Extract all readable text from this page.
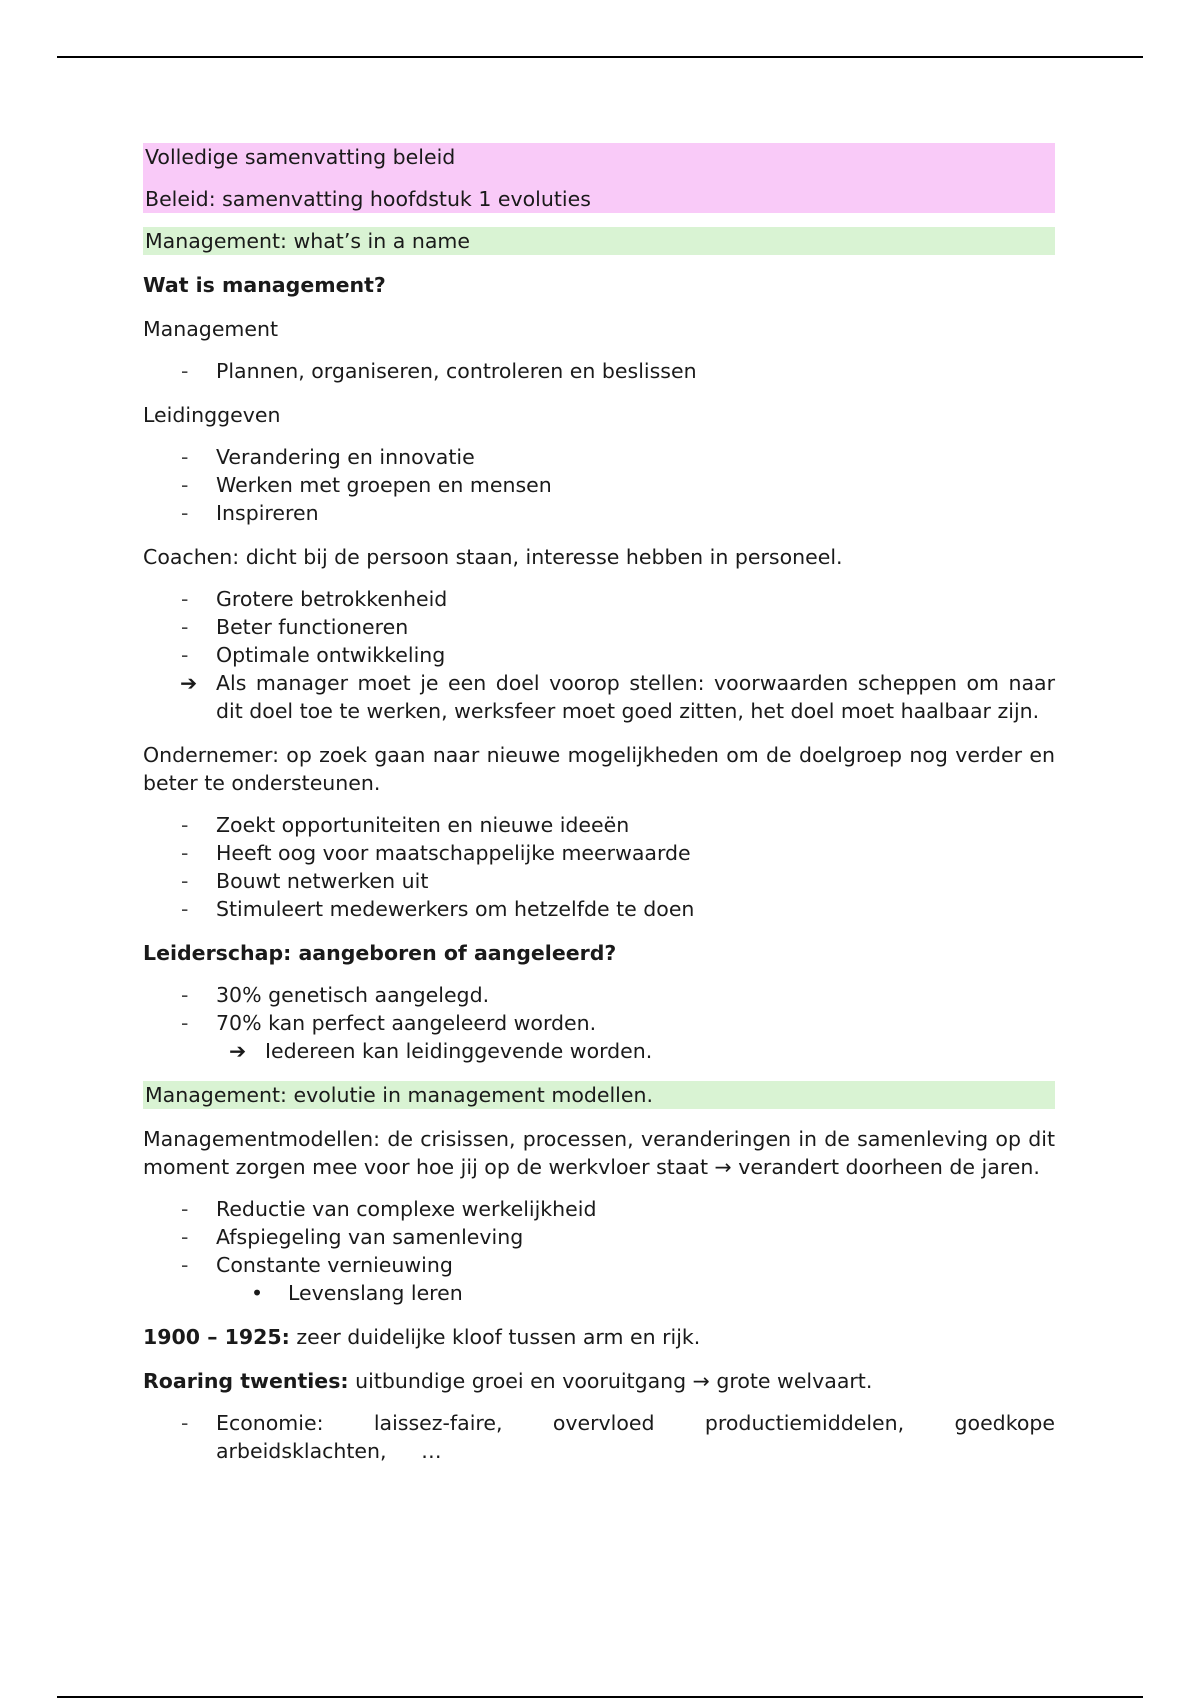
Volledige samenvatting beleid

Beleid: samenvatting hoofdstuk 1 evoluties

Management: what’s in a name

Wat is management?

Management

-	Plannen, organiseren, controleren en beslissen

Leidinggeven

-	Verandering en innovatie
-	Werken met groepen en mensen
-	Inspireren

Coachen: dicht bij de persoon staan, interesse hebben in personeel.

-	Grotere betrokkenheid
-	Beter functioneren
-	Optimale ontwikkeling
➔ Als manager moet je een doel voorop stellen: voorwaarden scheppen om naar dit doel toe te werken, werksfeer moet goed zitten, het doel moet haalbaar zijn.

Ondernemer: op zoek gaan naar nieuwe mogelijkheden om de doelgroep nog verder en beter te ondersteunen.

-	Zoekt opportuniteiten en nieuwe ideeën
-	Heeft oog voor maatschappelijke meerwaarde
-	Bouwt netwerken uit
-	Stimuleert medewerkers om hetzelfde te doen

Leiderschap: aangeboren of aangeleerd?

-	30% genetisch aangelegd.
-	70% kan perfect aangeleerd worden.
➔ Iedereen kan leidinggevende worden.
Management: evolutie in management modellen.

Managementmodellen: de crisissen, processen, veranderingen in de samenleving op dit moment zorgen mee voor hoe jij op de werkvloer staat → verandert doorheen de jaren.

-	Reductie van complexe werkelijkheid
-	Afspiegeling van samenleving
-	Constante vernieuwing
•	Levenslang leren

1900 – 1925: zeer duidelijke kloof tussen arm en rijk.

Roaring twenties: uitbundige groei en vooruitgang → grote welvaart.

-	Economie: laissez-faire, overvloed productiemiddelen, goedkope arbeidsklachten, …
